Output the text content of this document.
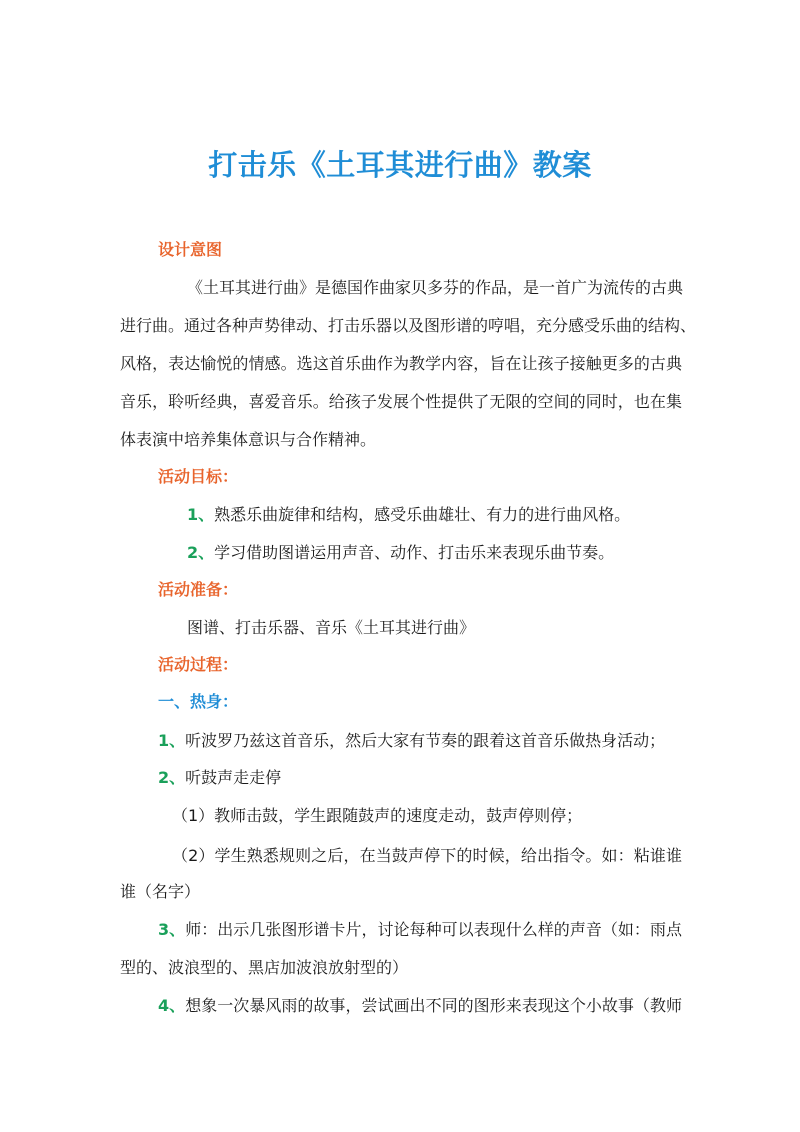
打击乐《土耳其进行曲》教案
设计意图
《土耳其进行曲》是德国作曲家贝多芬的作品，是一首广为流传的古典
进行曲。通过各种声势律动、打击乐器以及图形谱的哼唱，充分感受乐曲的结构、
风格，表达愉悦的情感。选这首乐曲作为教学内容，旨在让孩子接触更多的古典
音乐，聆听经典，喜爱音乐。给孩子发展个性提供了无限的空间的同时，也在集
体表演中培养集体意识与合作精神。
活动目标：
1、熟悉乐曲旋律和结构，感受乐曲雄壮、有力的进行曲风格。
2、学习借助图谱运用声音、动作、打击乐来表现乐曲节奏。
活动准备：
图谱、打击乐器、音乐《土耳其进行曲》
活动过程：
一、热身：
1、听波罗乃兹这首音乐，然后大家有节奏的跟着这首音乐做热身活动；
2、听鼓声走走停
（1）教师击鼓，学生跟随鼓声的速度走动，鼓声停则停；
（2）学生熟悉规则之后，在当鼓声停下的时候，给出指令。如：粘谁谁
谁（名字）
3、师：出示几张图形谱卡片，讨论每种可以表现什么样的声音（如：雨点
型的、波浪型的、黑店加波浪放射型的）
4、想象一次暴风雨的故事，尝试画出不同的图形来表现这个小故事（教师
